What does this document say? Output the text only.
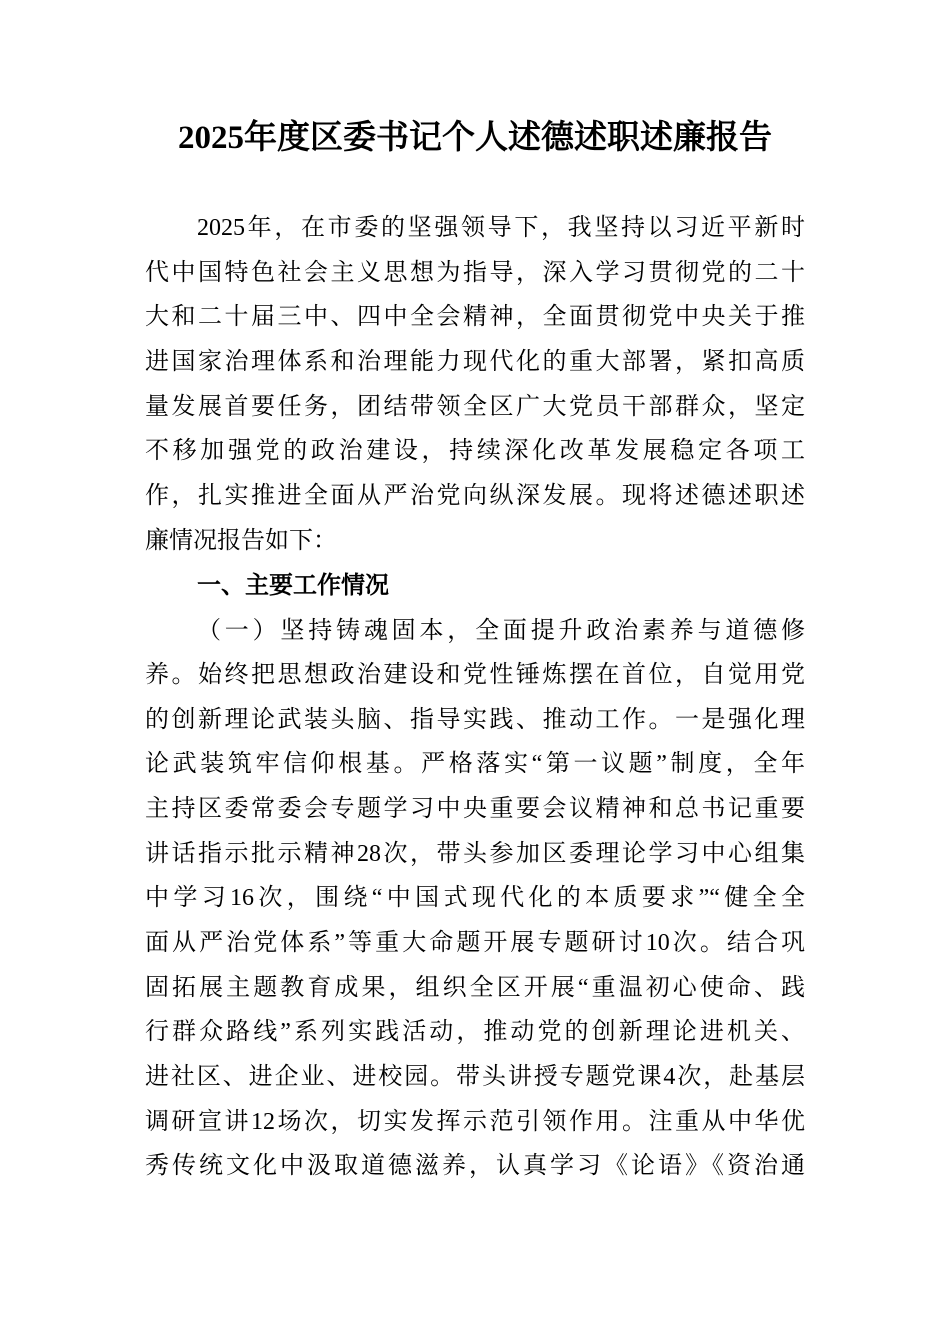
2025年度区委书记个人述德述职述廉报告
2025年，在市委的坚强领导下，我坚持以习近平新时
代中国特色社会主义思想为指导，深入学习贯彻党的二十
大和二十届三中、四中全会精神，全面贯彻党中央关于推
进国家治理体系和治理能力现代化的重大部署，紧扣高质
量发展首要任务，团结带领全区广大党员干部群众，坚定
不移加强党的政治建设，持续深化改革发展稳定各项工
作，扎实推进全面从严治党向纵深发展。现将述德述职述
廉情况报告如下：
一、主要工作情况
（一）坚持铸魂固本，全面提升政治素养与道德修
养。始终把思想政治建设和党性锤炼摆在首位，自觉用党
的创新理论武装头脑、指导实践、推动工作。一是强化理
论武装筑牢信仰根基。严格落实“第一议题”制度，全年
主持区委常委会专题学习中央重要会议精神和总书记重要
讲话指示批示精神28次，带头参加区委理论学习中心组集
中学习16次，围绕“中国式现代化的本质要求”“健全全
面从严治党体系”等重大命题开展专题研讨10次。结合巩
固拓展主题教育成果，组织全区开展“重温初心使命、践
行群众路线”系列实践活动，推动党的创新理论进机关、
进社区、进企业、进校园。带头讲授专题党课4次，赴基层
调研宣讲12场次，切实发挥示范引领作用。注重从中华优
秀传统文化中汲取道德滋养，认真学习《论语》《资治通
